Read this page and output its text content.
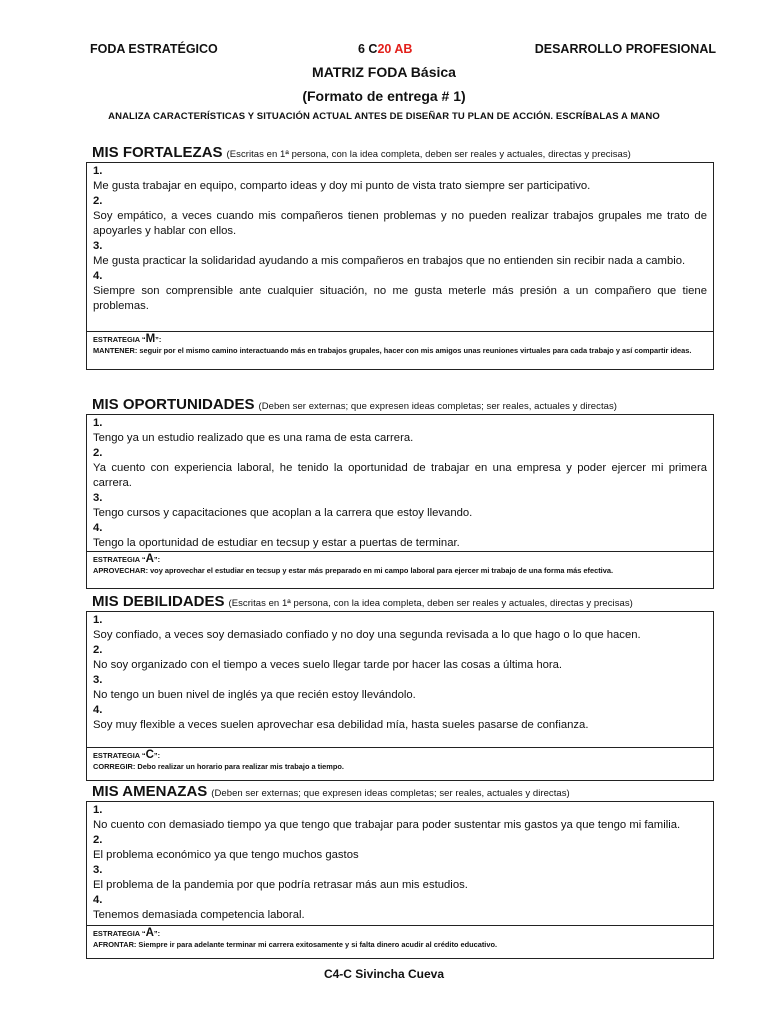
FODA ESTRATÉGICO	6 C20 AB	DESARROLLO PROFESIONAL
MATRIZ FODA Básica
(Formato de entrega # 1)
ANALIZA CARACTERÍSTICAS Y SITUACIÓN ACTUAL ANTES DE DISEÑAR TU PLAN DE ACCIÓN. ESCRÍBALAS A MANO
MIS FORTALEZAS (Escritas en 1ª persona, con la idea completa, deben ser reales y actuales, directas y precisas)
1.
Me gusta trabajar en equipo, comparto ideas y doy mi punto de vista trato siempre ser participativo.
2.
Soy empático, a veces cuando mis compañeros tienen problemas y no pueden realizar trabajos grupales me trato de apoyarles y hablar con ellos.
3.
Me gusta practicar la solidaridad ayudando a mis compañeros en trabajos que no entienden sin recibir nada a cambio.
4.
Siempre son comprensible ante cualquier situación, no me gusta meterle más presión a un compañero que tiene problemas.
ESTRATEGIA “M”:
MANTENER: seguir por el mismo camino interactuando más en trabajos grupales, hacer con mis amigos unas reuniones virtuales para cada trabajo y así compartir ideas.
MIS OPORTUNIDADES (Deben ser externas; que expresen ideas completas; ser reales, actuales y directas)
1.
Tengo ya un estudio realizado que es una rama de esta carrera.
2.
Ya cuento con experiencia laboral, he tenido la oportunidad de trabajar en una empresa y poder ejercer mi primera carrera.
3.
Tengo cursos y capacitaciones que acoplan a la carrera que estoy llevando.
4.
Tengo la oportunidad de estudiar en tecsup y estar a puertas de terminar.
ESTRATEGIA “A”:
APROVECHAR: voy aprovechar el estudiar en tecsup y estar más preparado en mi campo laboral para ejercer mi trabajo de una forma más efectiva.
MIS DEBILIDADES (Escritas en 1ª persona, con la idea completa, deben ser reales y actuales, directas y precisas)
1.
Soy confiado, a veces soy demasiado confiado y no doy una segunda revisada a lo que hago o lo que hacen.
2.
No soy organizado con el tiempo a veces suelo llegar tarde por hacer las cosas a última hora.
3.
No tengo un buen nivel de inglés ya que recién estoy llevándolo.
4.
Soy muy flexible a veces suelen aprovechar esa debilidad mía, hasta sueles pasarse de confianza.
ESTRATEGIA “C”:
CORREGIR: Debo realizar un horario para realizar mis trabajo a tiempo.
MIS AMENAZAS (Deben ser externas; que expresen ideas completas; ser reales, actuales y directas)
1.
No cuento con demasiado tiempo ya que tengo que trabajar para poder sustentar mis gastos ya que tengo mi familia.
2.
El problema económico ya que tengo muchos gastos
3.
El problema de la pandemia por que podría retrasar más aun mis estudios.
4.
Tenemos demasiada competencia laboral.
ESTRATEGIA “A”:
AFRONTAR: Siempre ir para adelante terminar mi carrera exitosamente y si falta dinero acudir al crédito educativo.
C4-C Sivincha Cueva
